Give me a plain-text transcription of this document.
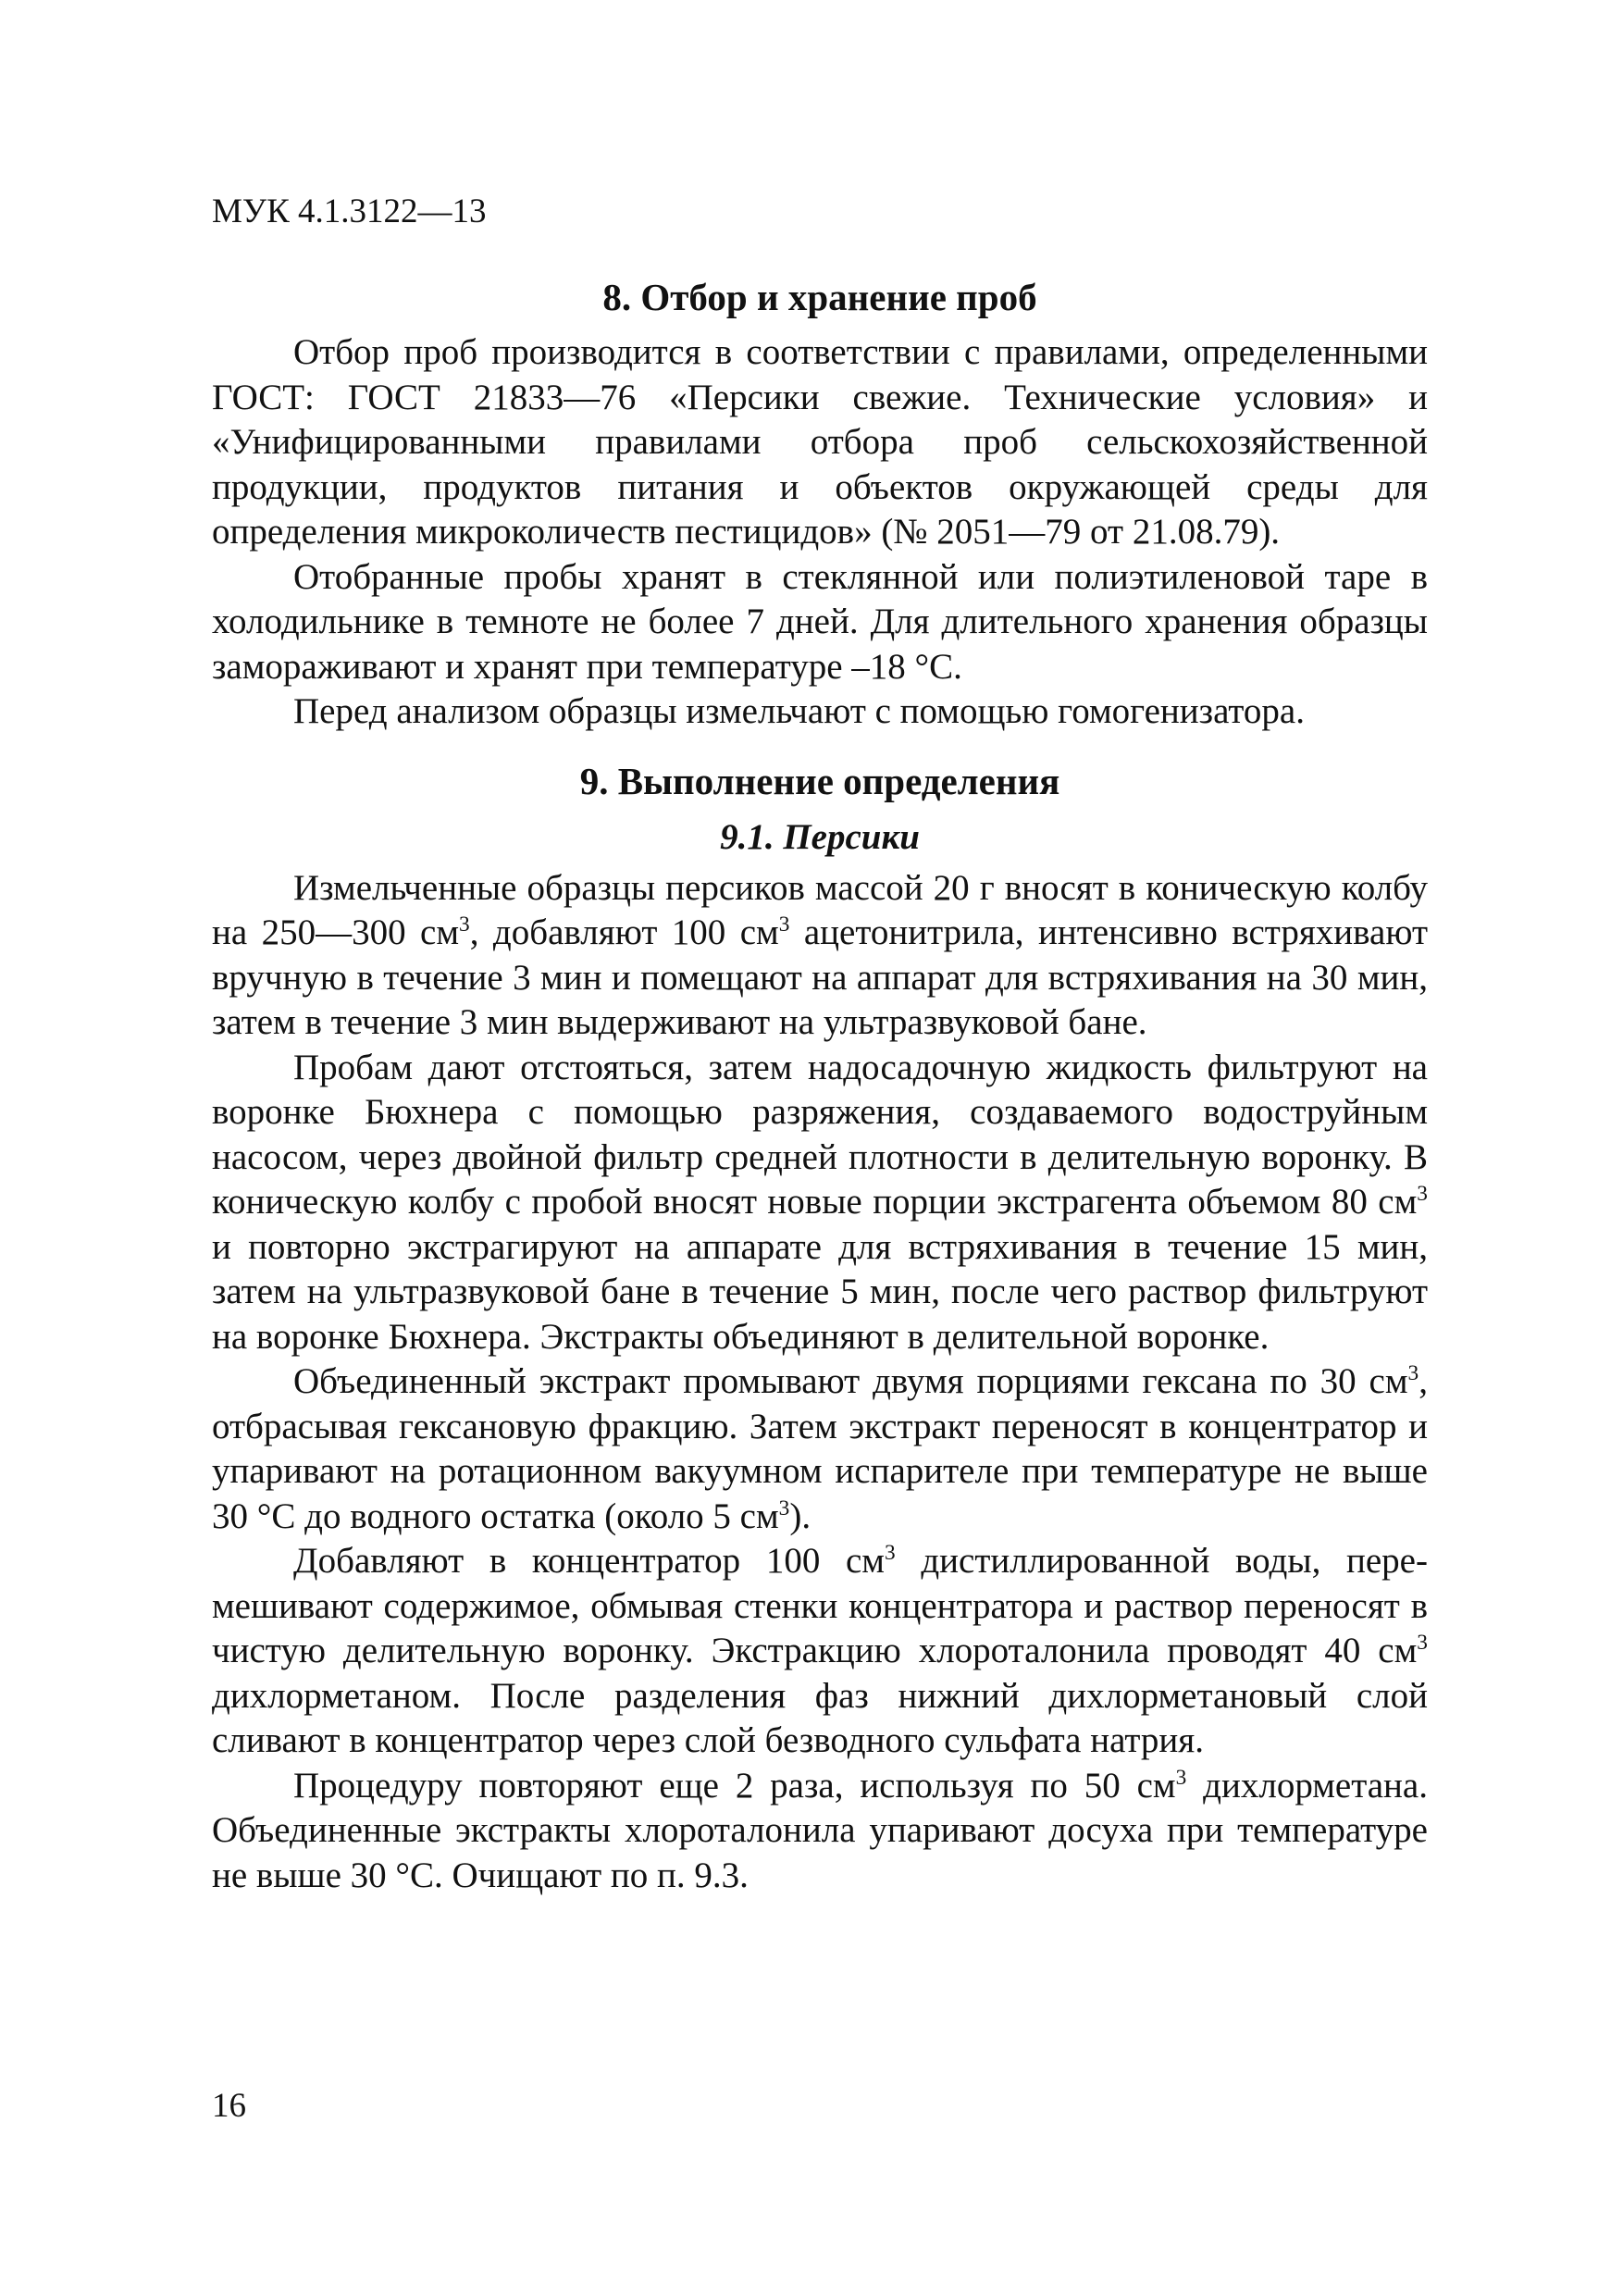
МУК 4.1.3122—13
8. Отбор и хранение проб

Отбор проб производится в соответствии с правилами, определенными ГОСТ: ГОСТ 21833—76 «Персики свежие. Технические условия» и «Унифицированными правилами отбора проб сельскохозяйственной продукции, продуктов питания и объектов окружающей среды для определения микроколичеств пестицидов» (№ 2051—79 от 21.08.79).

Отобранные пробы хранят в стеклянной или полиэтиленовой таре в холодильнике в темноте не более 7 дней. Для длительного хранения образцы замораживают и хранят при температуре –18 °C.

Перед анализом образцы измельчают с помощью гомогенизатора.

9. Выполнение определения
9.1. Персики

Измельченные образцы персиков массой 20 г вносят в коническую колбу на 250—300 $см^3$, добавляют 100 $см^3$ ацетонитрила, интенсивно встряхивают вручную в течение 3 мин и помещают на аппарат для встряхивания на 30 мин, затем в течение 3 мин выдерживают на ультразвуковой бане.

Пробам дают отстояться, затем надосадочную жидкость фильтруют на воронке Бюхнера с помощью разряжения, создаваемого водоструйным насосом, через двойной фильтр средней плотности в делительную воронку. В коническую колбу с пробой вносят новые порции экстрагента объемом 80 $см^3$ и повторно экстрагируют на аппарате для встряхивания в течение 15 мин, затем на ультразвуковой бане в течение 5 мин, после чего раствор фильтруют на воронке Бюхнера. Экстракты объединяют в делительной воронке.

Объединенный экстракт промывают двумя порциями гексана по 30 $см^3$, отбрасывая гексановую фракцию. Затем экстракт переносят в концентратор и упаривают на ротационном вакуумном испарителе при температуре не выше 30 °C до водного остатка (около 5 $см^3$).

Добавляют в концентратор 100 $см^3$ дистиллированной воды, перемешивают содержимое, обмывая стенки концентратора и раствор переносят в чистую делительную воронку. Экстракцию хлороталонила проводят 40 $см^3$ дихлорметаном. После разделения фаз нижний дихлорметановый слой сливают в концентратор через слой безводного сульфата натрия.

Процедуру повторяют еще 2 раза, используя по 50 $см^3$ дихлорметана. Объединенные экстракты хлороталонила упаривают досуха при температуре не выше 30 °C. Очищают по п. 9.3.

16
